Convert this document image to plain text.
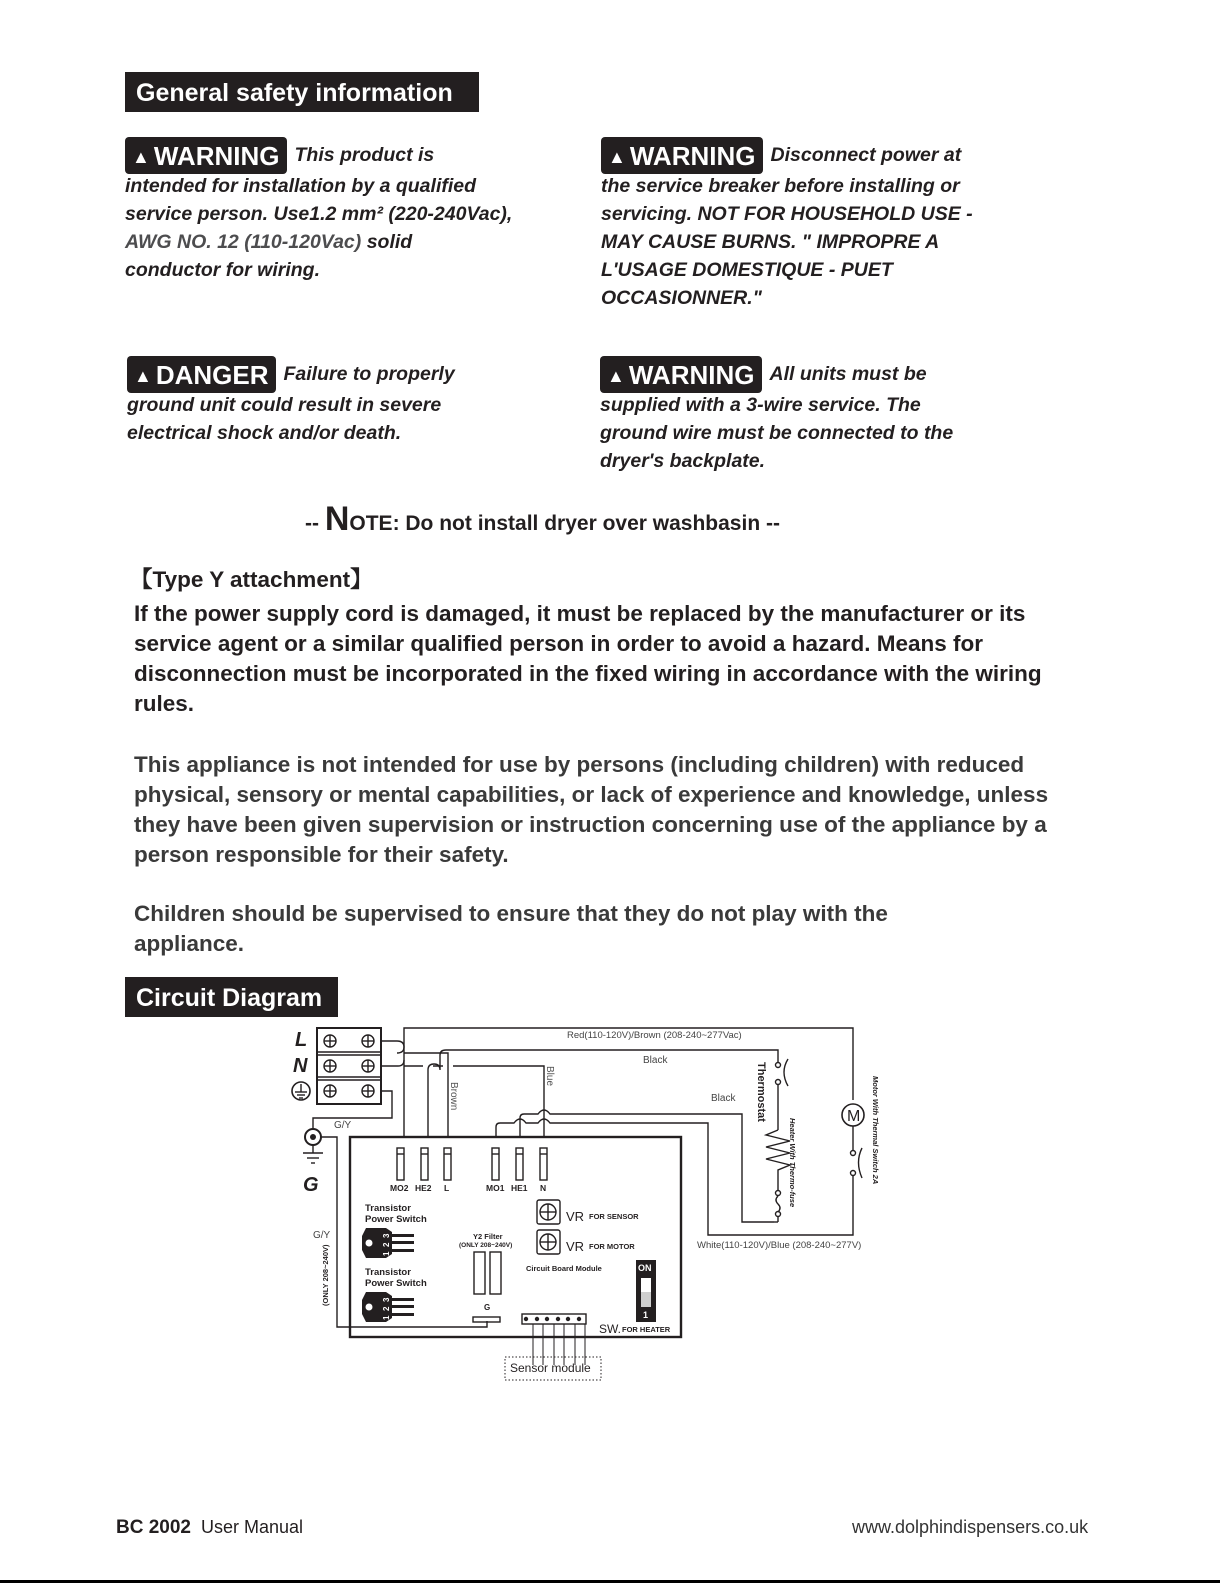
General safety information
▲ WARNING This product is
intended for installation by a qualified
service person. Use1.2 mm² (220-240Vac),
AWG NO. 12 (110-120Vac) solid
conductor for wiring.
▲ WARNING Disconnect power at
the service breaker before installing or
servicing. NOT FOR HOUSEHOLD USE -
MAY CAUSE BURNS. " IMPROPRE A
L'USAGE DOMESTIQUE - PUET
OCCASIONNER."
▲ DANGER Failure to properly
ground unit could result in severe
electrical shock and/or death.
▲ WARNING All units must be
supplied with a 3-wire service. The
ground wire must be connected to the
dryer's backplate.
-- NOTE: Do not install dryer over washbasin --
【Type Y attachment】
If the power supply cord is damaged, it must be replaced by the manufacturer or its service agent or a similar qualified person in order to avoid a hazard. Means for disconnection must be incorporated in the fixed wiring in accordance with the wiring rules.
This appliance is not intended for use by persons (including children) with reduced physical, sensory or mental capabilities, or lack of experience and knowledge, unless they have been given supervision or instruction concerning use of the appliance by a person responsible for their safety.
Children should be supervised to ensure that they do not play with the appliance.
Circuit Diagram
L
N
G
G/Y
G/Y
(ONLY 208~240V)
Brown
Blue
Red(110-120V)/Brown (208-240~277Vac)
Black
Black
White(110-120V)/Blue (208-240~277V)
Thermostat
Heater With Thermo-fuse	Motor With Thermal Switch 2A
M
MO2 HE2 L	MO1 HE1 N
Transistor
Power Switch
Transistor
Power Switch
Y2 Filter
(ONLY 208~240V)
G
VR FOR SENSOR
VR FOR MOTOR
Circuit Board Module
SW. FOR HEATER
Sensor module
ON
1
1
2
3
1
2
3
BC 2002 User Manual	www.dolphindispensers.co.uk
